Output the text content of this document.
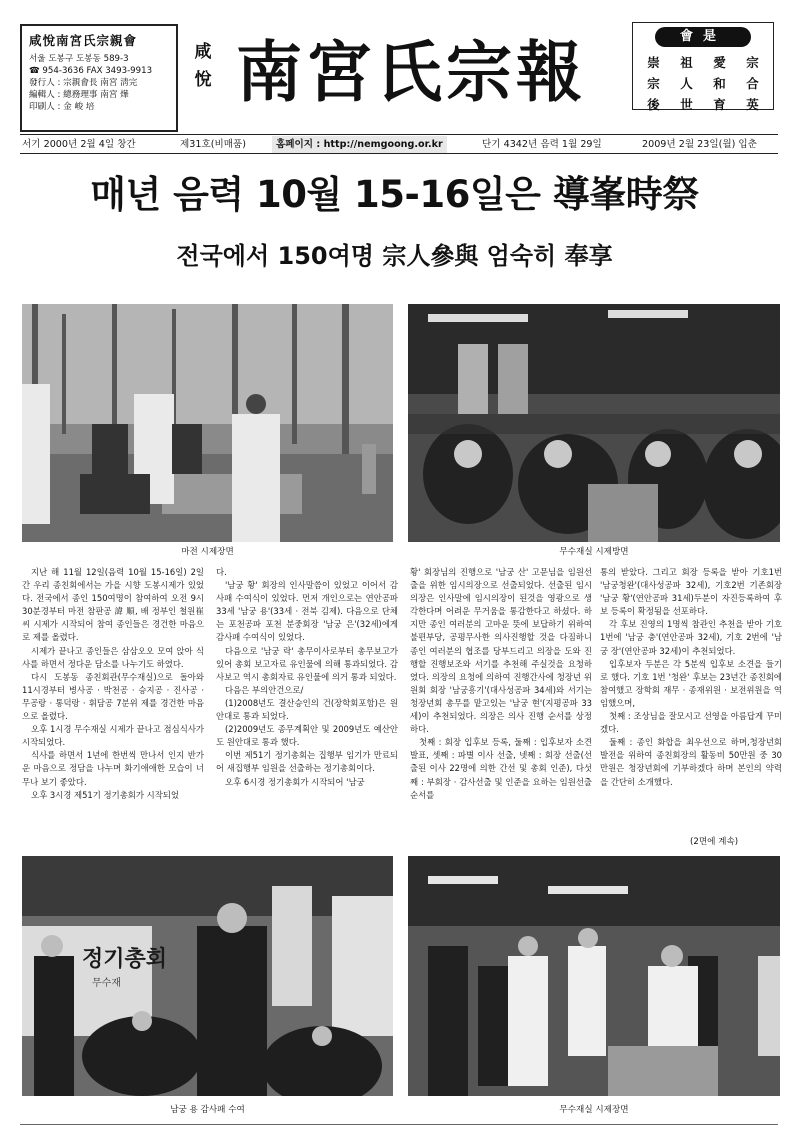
咸悅南宮氏宗親會
서울 도봉구 도봉동 589-3
☎ 954-3636 FAX 3493-9913
發行人 : 宗親會長 南宮 淸完
編輯人 : 總務理事 南宮 燁
印刷人 : 金 峻 培
咸
悅 南宮氏宗報	會是
崇	祖	愛	宗
宗	人	和	合
後	世	育	英
서기 2000년 2월 4일 창간	제31호(비매품)	홈페이지 : http://nemgoong.or.kr	단기 4342년 음력 1월 29일	2009년 2월 23일(월) 입춘
매년 음력 10월 15-16일은 導峯時祭
전국에서 150여명 宗人參與 엄숙히 奉享
마전 시제장면	무수재실 시제방면

지난 해 11월 12일(음력 10월 15-16일) 2일간 우리 종친회에서는 가을 시향 도봉시제가 있었다. 전국에서 종인 150여명이 참여하여 오전 9시30분경부터 마전 참판공 諱 順, 배 정부인 철원崔씨 시제가 시작되어 참여 종인들은 경건한 마음으로 제를 올렸다.

시제가 끝나고 종인들은 삼삼오오 모여 앉아 식사를 하면서 정다운 담소를 나누기도 하였다.

다시 도봉동 종친회관(무수재실)으로 돌아와 11시경부터 병사공 · 박천공 · 승지공 · 진사공 · 무공랑 · 통덕랑 · 휘담공 7분위 제를 경건한 마음으로 올렸다.

오후 1시경 무수재실 시제가 끝나고 점심식사가 시작되었다.

식사를 하면서 1년에 한번씩 만나서 인지 반가운 마음으로 정담을 나누며 화기애애한 모습이 너무나 보기 좋았다.

오후 3시경 제51기 정기총회가 시작되었

다.

'남궁 황' 회장의 인사말씀이 있었고 이어서 감사패 수여식이 있었다. 먼저 개인으로는 연안공파 33세 '남궁 용'(33세 · 전북 김제). 다음으로 단체는 포천공파 포천 분중회장 '남궁 은'(32세)에게 감사패 수여식이 있었다.

다음으로 '남궁 락' 총무이사로부터 총무보고가 있어 총회 보고자료 유인물에 의해 통과되었다. 감사보고 역시 총회자료 유인물에 의거 통과 되었다.

다음은 부의안건으로/

(1)2008년도 결산승인의 건(장학회포함)은 원안대로 통과 되었다.

(2)2009년도 종무계획안 및 2009년도 예산안도 원안대로 통과 했다.

이번 제51기 정기총회는 집행부 임기가 만료되어 새집행부 임원을 선출하는 정기총회이다.

오후 6시경 정기총회가 시작되어 '남궁

황' 회장님의 진행으로 '남궁 산' 고문님을 임원선출을 위한 임시의장으로 선출되었다. 선출된 임시의장은 인사말에 임시의장이 된것을 영광으로 생각한다며 어려운 무거움을 통감한다고 하셨다. 하지만 종인 여러분의 고마운 뜻에 보답하기 위하여 불편부당, 공평무사한 의사진행할 것을 다짐하니 종인 여러분의 협조를 당부드리고 의장을 도와 진행할 진행보조와 서기를 추천해 주실것을 요청하였다. 의장의 요청에 의하여 진행간사에 청장년 위원회 회장 '남궁흥기'(대사성공파 34세)와 서기는 청장년회 총무를 맡고있는 '남궁 현'(지평공파 33세)이 추천되었다. 의장은 의사 진행 순서를 상정하다.

첫째 : 회장 입후보 등록, 둘째 : 입후보자 소견발표, 셋째 : 파별 이사 선출, 넷째 : 회장 선출(선출된 이사 22명에 의한 간선 및 총회 인준), 다섯째 : 부회장 · 감사선출 및 인준을 요하는 임원선출 순서를

통의 받았다. 그리고 회장 등록을 받아 기호1번 '남궁청완'(대사성공파 32세), 기호2번 기존회장 '남궁 황'(연안공파 31세)두분이 자진등록하여 후보 등록이 확정됨을 선포하다.

각 후보 진영의 1명씩 참관인 추천을 받아 기호 1번에 '남궁 충'(연안공파 32세), 기호 2번에 '남궁 장'(연안공파 32세)이 추천되었다.

입후보자 두분은 각 5분씩 입후보 소견을 들기로 했다. 기호 1번 '청완' 후보는 23년간 종친회에 참여했고 장학회 재무 · 종재위원 · 보전위원을 역임했으며,

첫째 : 조상님을 잘모시고 선영을 아름답게 꾸미겠다.

둘째 : 종인 화합을 최우선으로 하며,청장년회 발전을 위하여 종친회장의 활동비 50만원 중 30만원은 청장년회에 기부하겠다 하며 본인의 약력을 간단히 소개했다.

(2면에 계속)
정기총회
무수재
남궁 용 감사패 수여	무수재실 시제장면
